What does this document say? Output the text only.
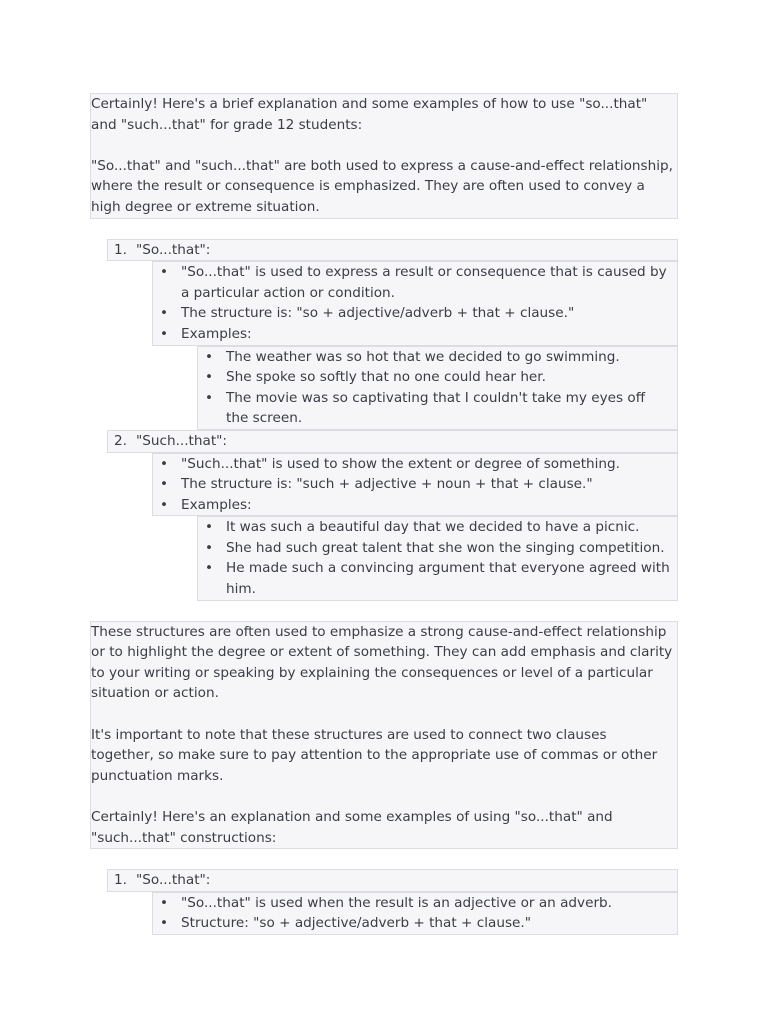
Certainly! Here's a brief explanation and some examples of how to use "so...that" and "such...that" for grade 12 students:

"So...that" and "such...that" are both used to express a cause-and-effect relationship, where the result or consequence is emphasized. They are often used to convey a high degree or extreme situation.

1. "So...that":
• "So...that" is used to express a result or consequence that is caused by a particular action or condition.
• The structure is: "so + adjective/adverb + that + clause."
• Examples:
• The weather was so hot that we decided to go swimming.
• She spoke so softly that no one could hear her.
• The movie was so captivating that I couldn't take my eyes off the screen.
2. "Such...that":
• "Such...that" is used to show the extent or degree of something.
• The structure is: "such + adjective + noun + that + clause."
• Examples:
• It was such a beautiful day that we decided to have a picnic.
• She had such great talent that she won the singing competition.
• He made such a convincing argument that everyone agreed with him.

These structures are often used to emphasize a strong cause-and-effect relationship or to highlight the degree or extent of something. They can add emphasis and clarity to your writing or speaking by explaining the consequences or level of a particular situation or action.

It's important to note that these structures are used to connect two clauses together, so make sure to pay attention to the appropriate use of commas or other punctuation marks.

Certainly! Here's an explanation and some examples of using "so...that" and "such...that" constructions:

1. "So...that":
• "So...that" is used when the result is an adjective or an adverb.
• Structure: "so + adjective/adverb + that + clause."
